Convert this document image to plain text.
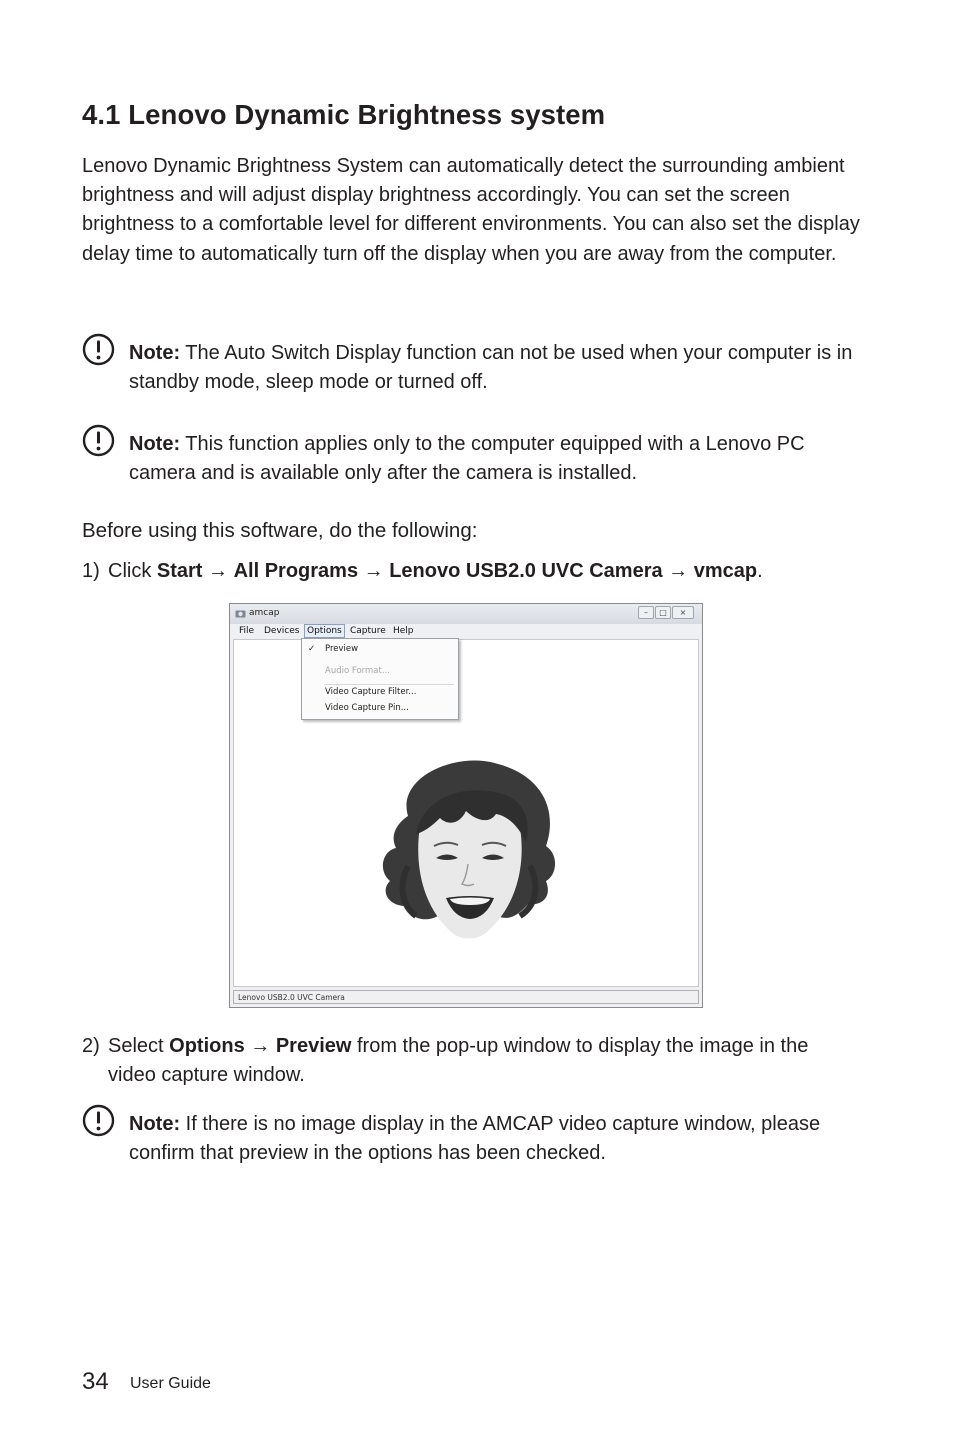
4.1 Lenovo Dynamic Brightness system

Lenovo Dynamic Brightness System can automatically detect the surrounding ambient brightness and will adjust display brightness accordingly. You can set the screen brightness to a comfortable level for different environments. You can also set the display delay time to automatically turn off the display when you are away from the computer.

Note: The Auto Switch Display function can not be used when your computer is in standby mode, sleep mode or turned off.

Note: This function applies only to the computer equipped with a Lenovo PC camera and is available only after the camera is installed.

Before using this software, do the following:

1) Click Start → All Programs → Lenovo USB2.0 UVC Camera → vmcap.

amcap	–	□	×
File Devices Options Capture Help
✓ Preview
Audio Format...
Video Capture Filter...
Video Capture Pin...
Lenovo USB2.0 UVC Camera

2) Select Options → Preview from the pop-up window to display the image in the
video capture window.

Note: If there is no image display in the AMCAP video capture window, please confirm that preview in the options has been checked.

34 User Guide
